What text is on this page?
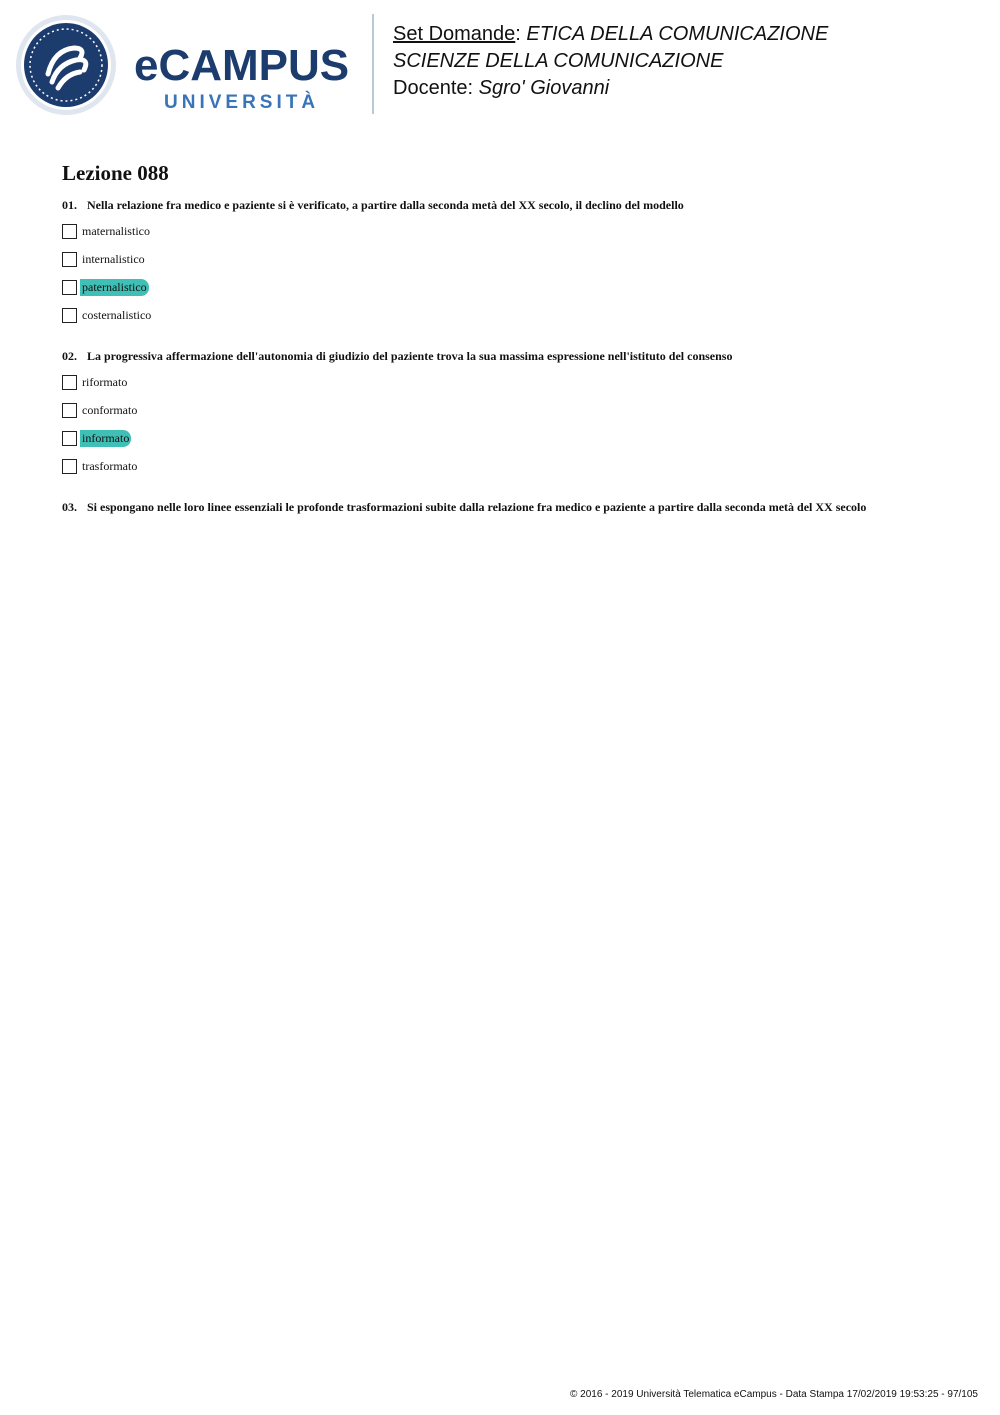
eCAMPUS
UNIVERSITÀ
Set Domande: ETICA DELLA COMUNICAZIONE
SCIENZE DELLA COMUNICAZIONE
Docente: Sgro' Giovanni
Lezione 088
01. Nella relazione fra medico e paziente si è verificato, a partire dalla seconda metà del XX secolo, il declino del modello
maternalistico
internalistico
paternalistico
costernalistico
02. La progressiva affermazione dell'autonomia di giudizio del paziente trova la sua massima espressione nell'istituto del consenso
riformato
conformato
informato
trasformato
03. Si espongano nelle loro linee essenziali le profonde trasformazioni subite dalla relazione fra medico e paziente a partire dalla seconda metà del XX secolo
© 2016 - 2019 Università Telematica eCampus - Data Stampa 17/02/2019 19:53:25 - 97/105
